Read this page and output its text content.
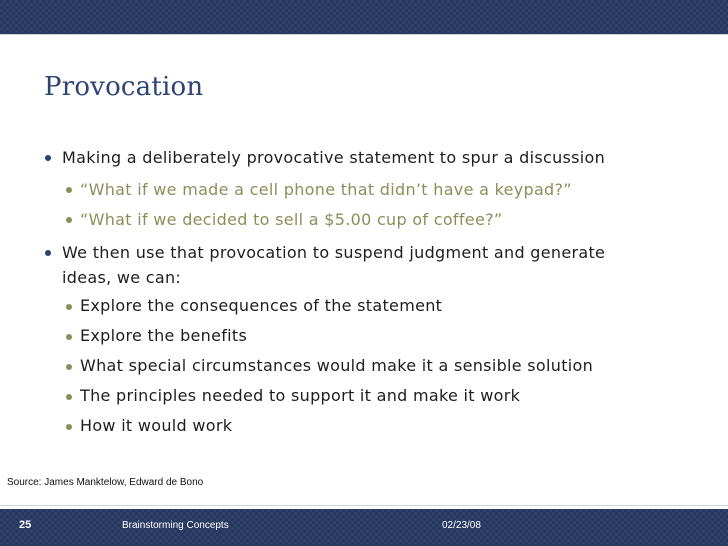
Provocation
Making a deliberately provocative statement to spur a discussion
“What if we made a cell phone that didn’t have a keypad?”
“What if we decided to sell a $5.00 cup of coffee?”
We then use that provocation to suspend judgment and generate
ideas, we can:
Explore the consequences of the statement
Explore the benefits
What special circumstances would make it a sensible solution
The principles needed to support it and make it work
How it would work
Source: James Manktelow, Edward de Bono
25	Brainstorming Concepts	02/23/08
